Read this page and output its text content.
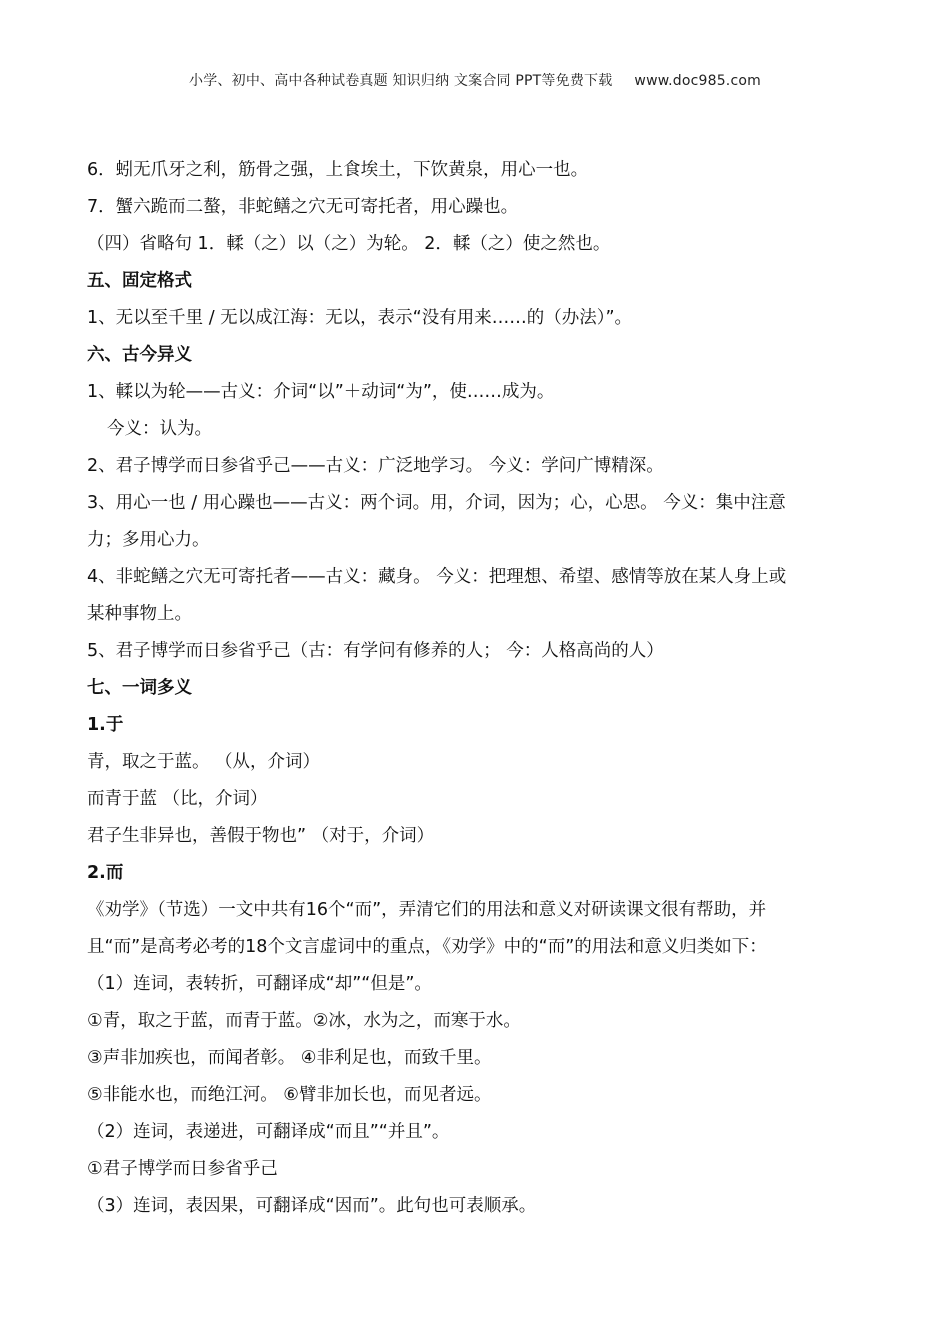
小学、初中、高中各种试卷真题 知识归纳 文案合同 PPT等免费下载 www.doc985.com
6．蚓无爪牙之利，筋骨之强，上食埃土，下饮黄泉，用心一也。
7．蟹六跪而二螯，非蛇鳝之穴无可寄托者，用心躁也。
（四）省略句 1．輮（之）以（之）为轮。 2．輮（之）使之然也。
五、固定格式
1、无以至千里 / 无以成江海：无以，表示“没有用来……的（办法）”。
六、古今异义
1、輮以为轮——古义：介词“以”＋动词“为”，使……成为。
今义：认为。
2、君子博学而日参省乎己——古义：广泛地学习。 今义：学问广博精深。
3、用心一也 / 用心躁也——古义：两个词。用，介词，因为；心，心思。 今义：集中注意
力；多用心力。
4、非蛇鳝之穴无可寄托者——古义：藏身。 今义：把理想、希望、感情等放在某人身上或
某种事物上。
5、君子博学而日参省乎己（古：有学问有修养的人； 今：人格高尚的人）
七、一词多义
1.于
青，取之于蓝。 （从，介词）
而青于蓝 （比，介词）
君子生非异也，善假于物也” （对于，介词）
2.而
《劝学》（节选）一文中共有16个“而”，弄清它们的用法和意义对研读课文很有帮助，并
且“而”是高考必考的18个文言虚词中的重点，《劝学》中的“而”的用法和意义归类如下：
（1）连词，表转折，可翻译成“却”“但是”。
①青，取之于蓝，而青于蓝。②冰，水为之，而寒于水。
③声非加疾也，而闻者彰。 ④非利足也，而致千里。
⑤非能水也，而绝江河。 ⑥臂非加长也，而见者远。
（2）连词，表递进，可翻译成“而且”“并且”。
①君子博学而日参省乎己
（3）连词，表因果，可翻译成“因而”。此句也可表顺承。
